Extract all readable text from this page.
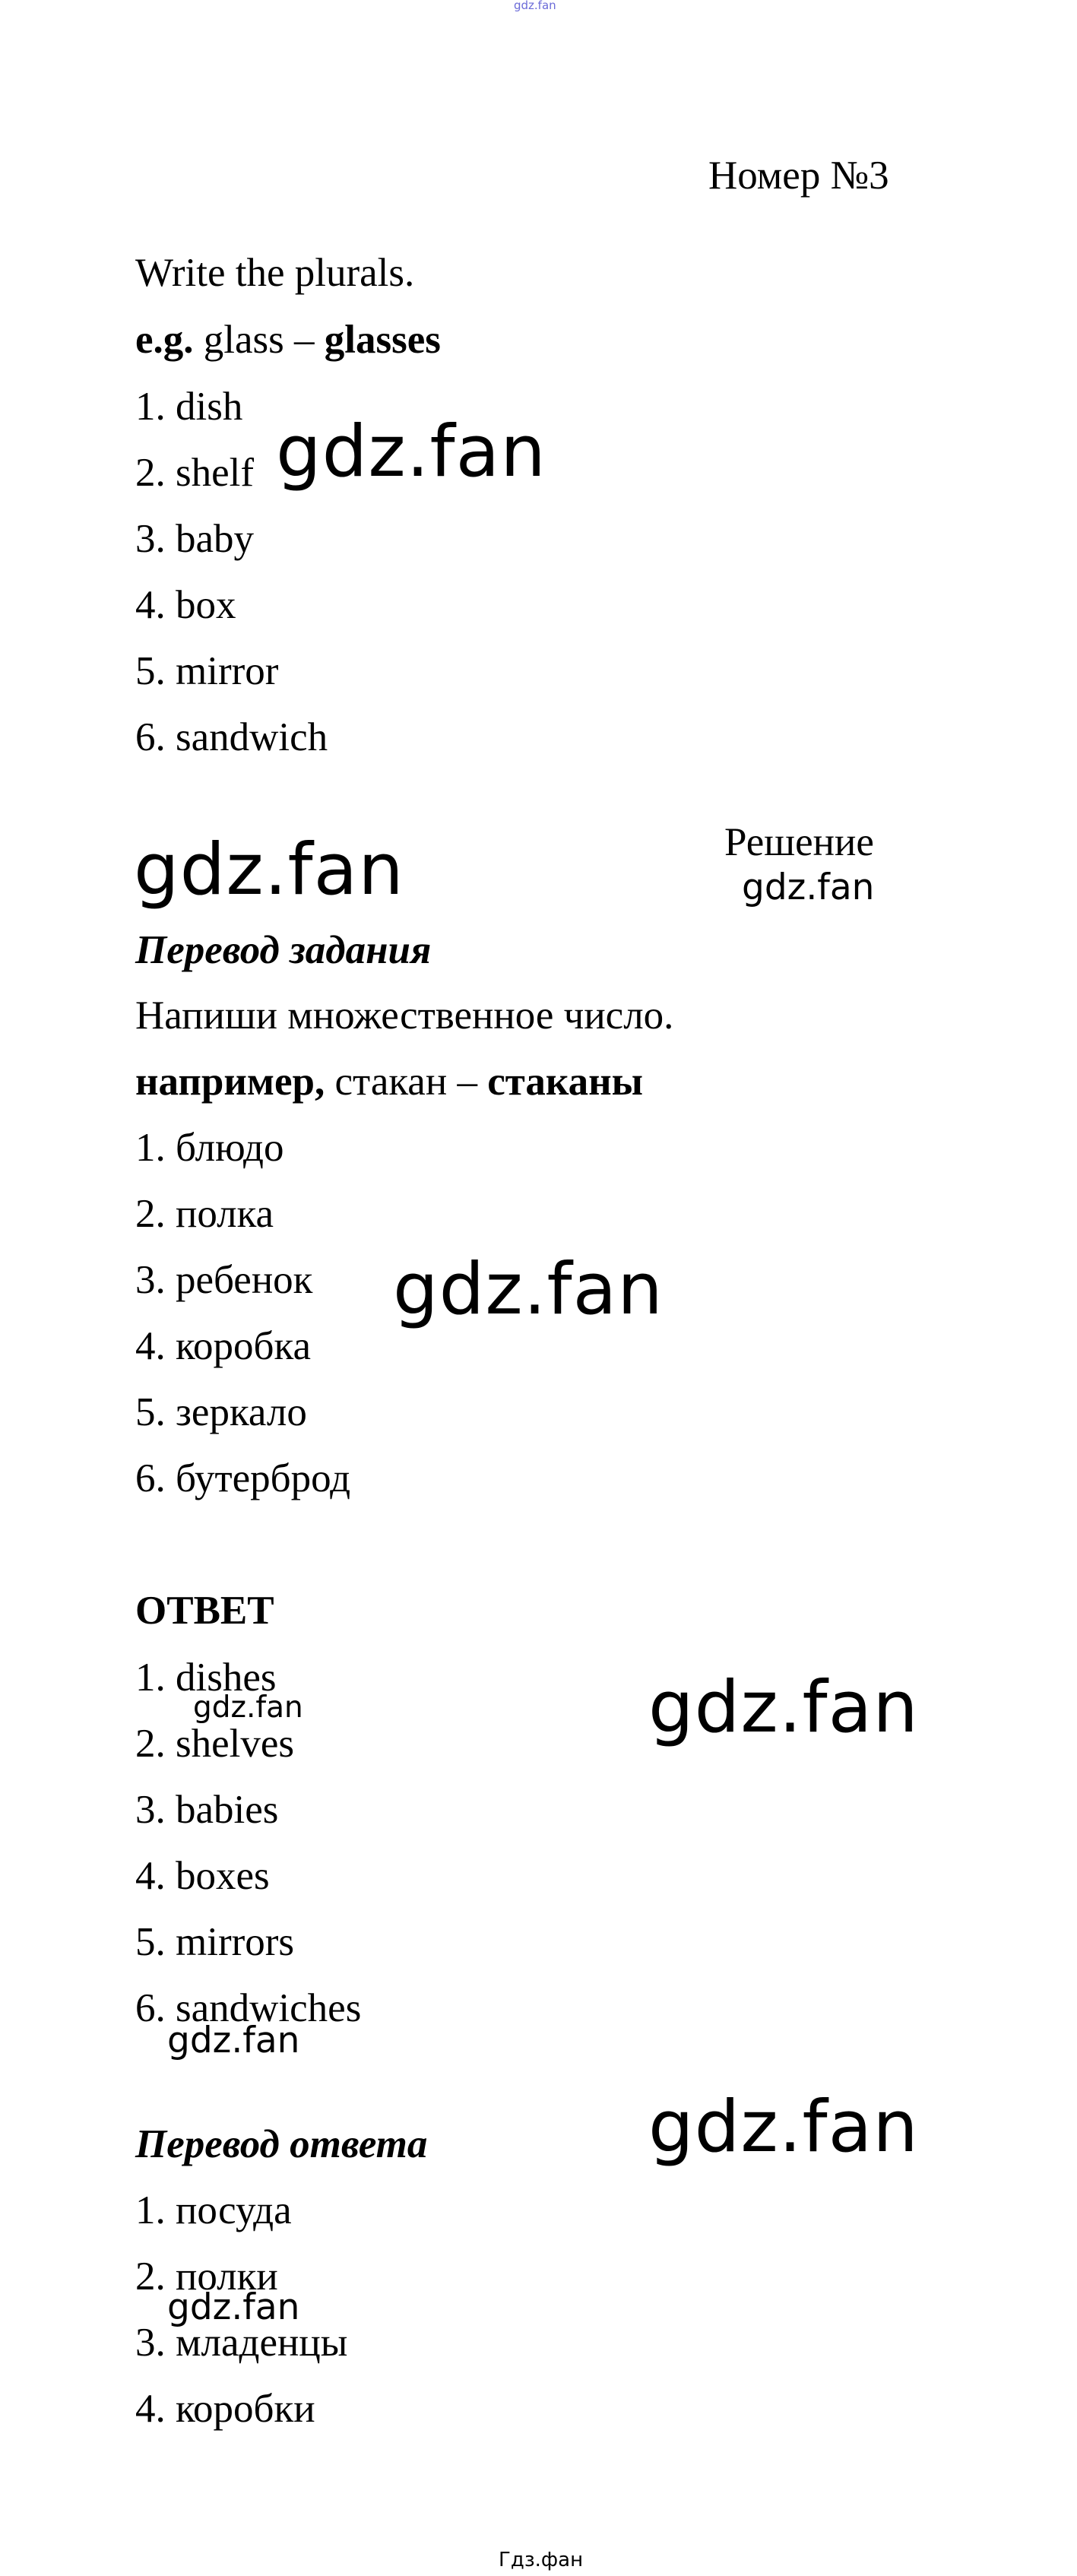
gdz.fan
Номер №3
Write the plurals.
e.g. glass – glasses
1. dish
2. shelf
3. baby
4. box
5. mirror
6. sandwich
gdz.fan
gdz.fan	Решение
gdz.fan
Перевод задания
Напиши множественное число.
например, стакан – стаканы
1. блюдо
2. полка
3. ребенок
4. коробка
5. зеркало
6. бутерброд
gdz.fan
ОТВЕТ
1. dishes
gdz.fan
2. shelves
3. babies
4. boxes
5. mirrors
6. sandwiches
gdz.fan
gdz.fan
Перевод ответа	gdz.fan
1. посуда
2. полки
gdz.fan
3. младенцы
4. коробки
Гдз.фан
